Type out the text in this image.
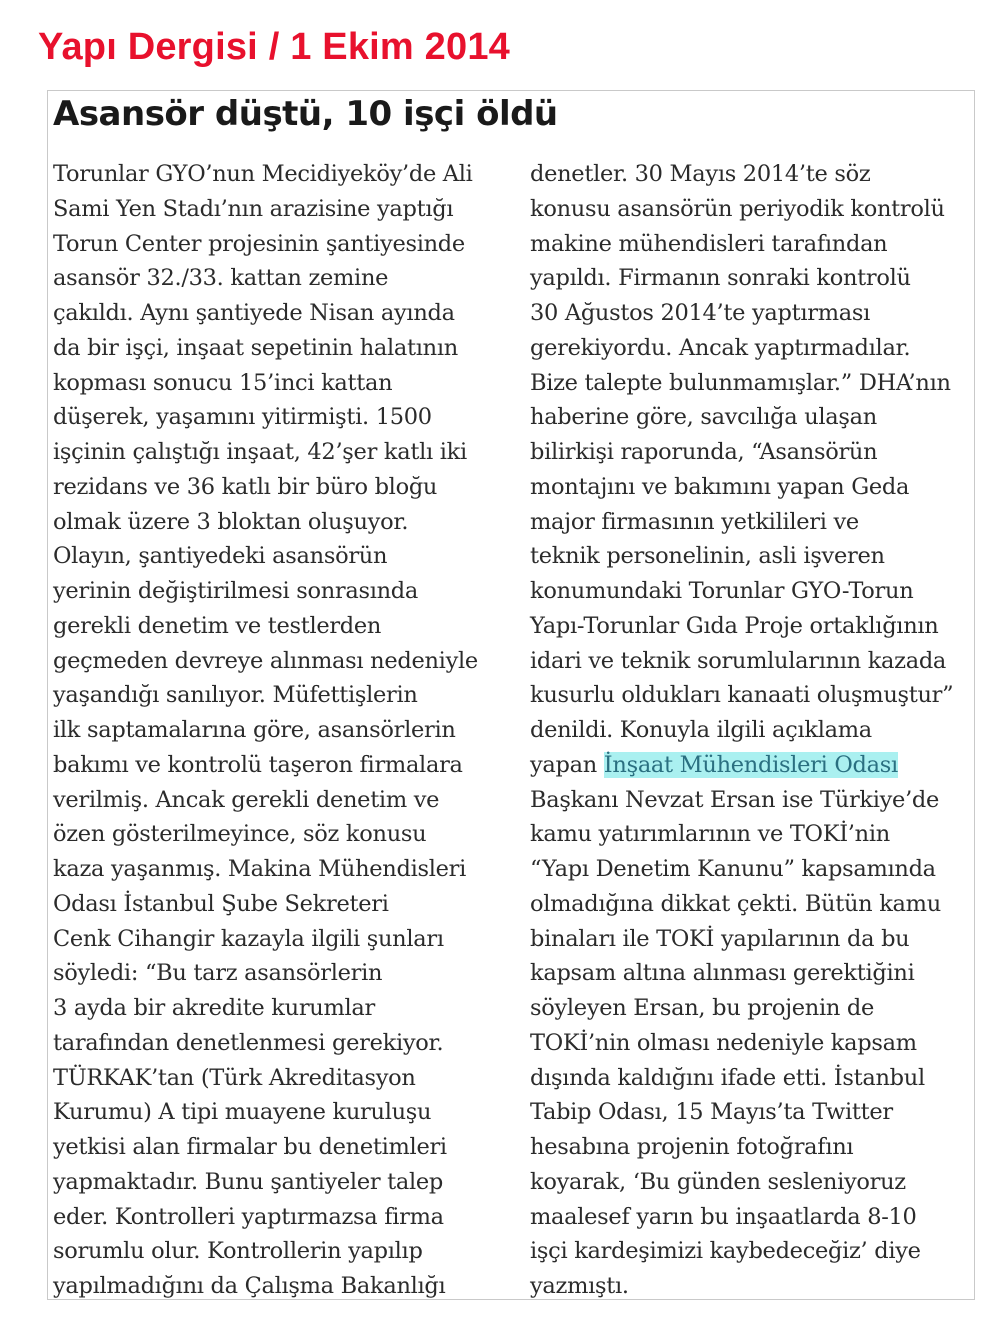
Yapı Dergisi / 1 Ekim 2014
Asansör düştü, 10 işçi öldü
Torunlar GYO’nun Mecidiyeköy’de Ali
Sami Yen Stadı’nın arazisine yaptığı
Torun Center projesinin şantiyesinde
asansör 32./33. kattan zemine
çakıldı. Aynı şantiyede Nisan ayında
da bir işçi, inşaat sepetinin halatının
kopması sonucu 15’inci kattan
düşerek, yaşamını yitirmişti. 1500
işçinin çalıştığı inşaat, 42’şer katlı iki
rezidans ve 36 katlı bir büro bloğu
olmak üzere 3 bloktan oluşuyor.
Olayın, şantiyedeki asansörün
yerinin değiştirilmesi sonrasında
gerekli denetim ve testlerden
geçmeden devreye alınması nedeniyle
yaşandığı sanılıyor. Müfettişlerin
ilk saptamalarına göre, asansörlerin
bakımı ve kontrolü taşeron firmalara
verilmiş. Ancak gerekli denetim ve
özen gösterilmeyince, söz konusu
kaza yaşanmış. Makina Mühendisleri
Odası İstanbul Şube Sekreteri
Cenk Cihangir kazayla ilgili şunları
söyledi: “Bu tarz asansörlerin
3 ayda bir akredite kurumlar
tarafından denetlenmesi gerekiyor.
TÜRKAK’tan (Türk Akreditasyon
Kurumu) A tipi muayene kuruluşu
yetkisi alan firmalar bu denetimleri
yapmaktadır. Bunu şantiyeler talep
eder. Kontrolleri yaptırmazsa firma
sorumlu olur. Kontrollerin yapılıp
yapılmadığını da Çalışma Bakanlığı
denetler. 30 Mayıs 2014’te söz
konusu asansörün periyodik kontrolü
makine mühendisleri tarafından
yapıldı. Firmanın sonraki kontrolü
30 Ağustos 2014’te yaptırması
gerekiyordu. Ancak yaptırmadılar.
Bize talepte bulunmamışlar.” DHA’nın
haberine göre, savcılığa ulaşan
bilirkişi raporunda, “Asansörün
montajını ve bakımını yapan Geda
major firmasının yetkilileri ve
teknik personelinin, asli işveren
konumundaki Torunlar GYO-Torun
Yapı-Torunlar Gıda Proje ortaklığının
idari ve teknik sorumlularının kazada
kusurlu oldukları kanaati oluşmuştur”
denildi. Konuyla ilgili açıklama
yapan İnşaat Mühendisleri Odası
Başkanı Nevzat Ersan ise Türkiye’de
kamu yatırımlarının ve TOKİ’nin
“Yapı Denetim Kanunu” kapsamında
olmadığına dikkat çekti. Bütün kamu
binaları ile TOKİ yapılarının da bu
kapsam altına alınması gerektiğini
söyleyen Ersan, bu projenin de
TOKİ’nin olması nedeniyle kapsam
dışında kaldığını ifade etti. İstanbul
Tabip Odası, 15 Mayıs’ta Twitter
hesabına projenin fotoğrafını
koyarak, ‘Bu günden sesleniyoruz
maalesef yarın bu inşaatlarda 8-10
işçi kardeşimizi kaybedeceğiz’ diye
yazmıştı.
